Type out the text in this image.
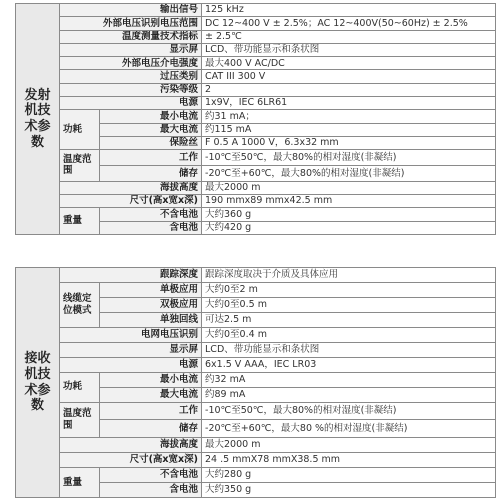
发射机技术参数	输出信号		125 kHz
	外部电压识别电压范围		DC 12~400 V ± 2.5%；AC 12~400V(50~60Hz) ± 2.5%
	温度测量技术指标		± 2.5℃
	显示屏		LCD、带功能显示和条状图
	外部电压介电强度		最大400 V AC/DC
	过压类别		CAT III 300 V
	污染等级		2
	电源		1x9V，IEC 6LR61
	功耗	最小电流	约31 mA；
		最大电流	约115 mA
		保险丝	F 0.5 A 1000 V，6.3x32 mm
	温度范围	工作	-10℃至50℃，最大80%的相对湿度(非凝结)
		储存	-20℃至+60℃，最大80%的相对湿度(非凝结)
	海拔高度		最大2000 m
	尺寸(高x宽x深)		190 mmx89 mmx42.5 mm
	重量	不含电池	大约360 g
		含电池	大约420 g
接收机技术参数	跟踪深度		跟踪深度取决于介质及具体应用
	线缆定位模式	单极应用	大约0至2 m
		双极应用	大约0至0.5 m
		单独回线	可达2.5 m
	电网电压识别		大约0至0.4 m
	显示屏		LCD、带功能显示和条状图
	电源		6x1.5 V AAA，IEC LR03
	功耗	最小电流	约32 mA
		最大电流	约89 mA
	温度范围	工作	-10℃至50℃，最大80%的相对湿度(非凝结)
		储存	-20℃至+60℃，最大80 %的相对湿度(非凝结)
	海拔高度		最大2000 m
	尺寸(高x宽x深)		24 .5 mmX78 mmX38.5 mm
	重量	不含电池	大约280 g
		含电池	大约350 g
